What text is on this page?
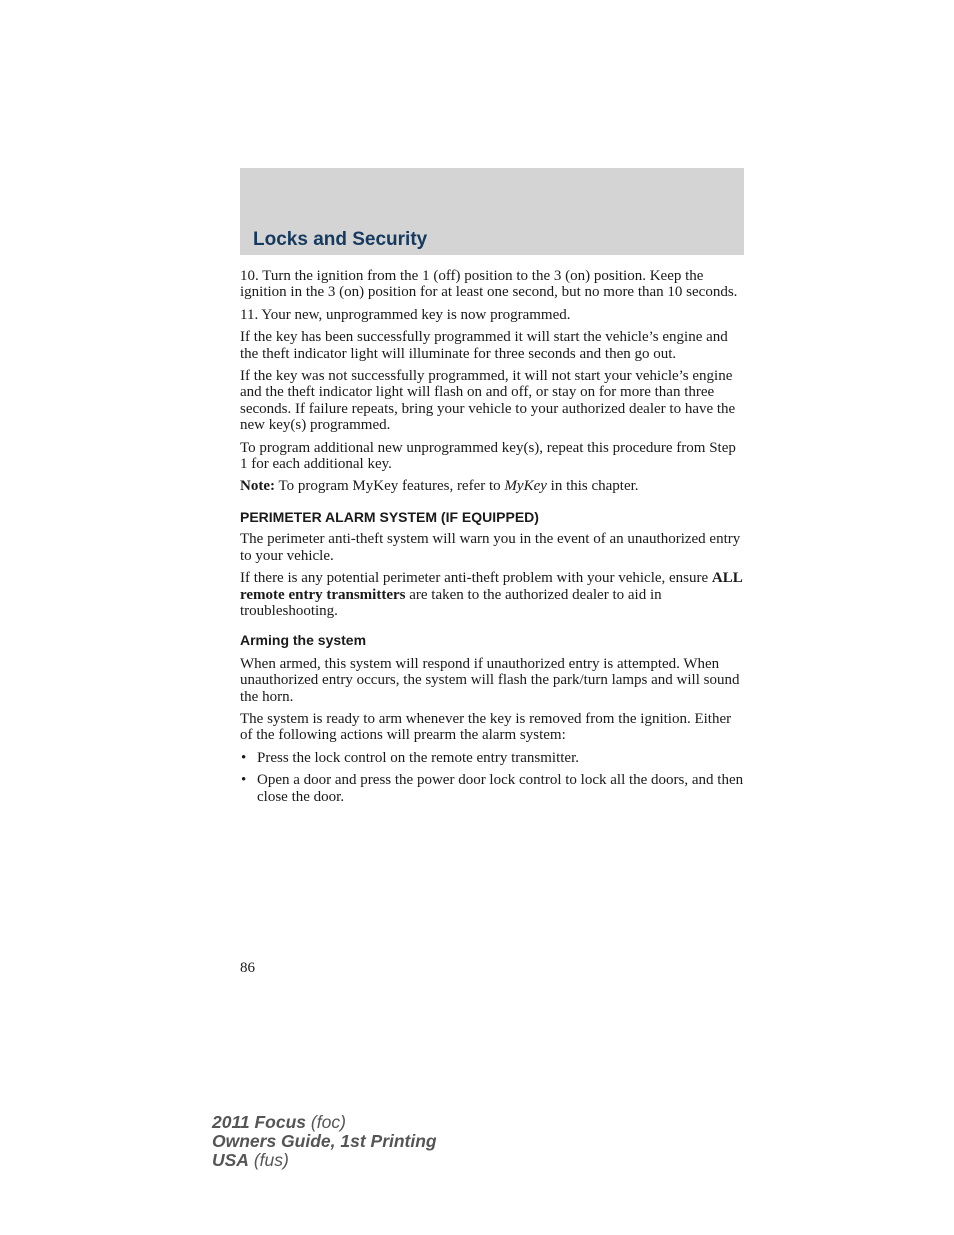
Locks and Security

10. Turn the ignition from the 1 (off) position to the 3 (on) position. Keep the ignition in the 3 (on) position for at least one second, but no more than 10 seconds.

11. Your new, unprogrammed key is now programmed.

If the key has been successfully programmed it will start the vehicle’s engine and the theft indicator light will illuminate for three seconds and then go out.

If the key was not successfully programmed, it will not start your vehicle’s engine and the theft indicator light will flash on and off, or stay on for more than three seconds. If failure repeats, bring your vehicle to your authorized dealer to have the new key(s) programmed.

To program additional new unprogrammed key(s), repeat this procedure from Step 1 for each additional key.

Note: To program MyKey features, refer to MyKey in this chapter.

PERIMETER ALARM SYSTEM (IF EQUIPPED)

The perimeter anti-theft system will warn you in the event of an unauthorized entry to your vehicle.

If there is any potential perimeter anti-theft problem with your vehicle, ensure ALL remote entry transmitters are taken to the authorized dealer to aid in troubleshooting.

Arming the system

When armed, this system will respond if unauthorized entry is attempted. When unauthorized entry occurs, the system will flash the park/turn lamps and will sound the horn.

The system is ready to arm whenever the key is removed from the ignition. Either of the following actions will prearm the alarm system:

• Press the lock control on the remote entry transmitter.
• Open a door and press the power door lock control to lock all the doors, and then close the door.
86
2011 Focus (foc)
Owners Guide, 1st Printing
USA (fus)
